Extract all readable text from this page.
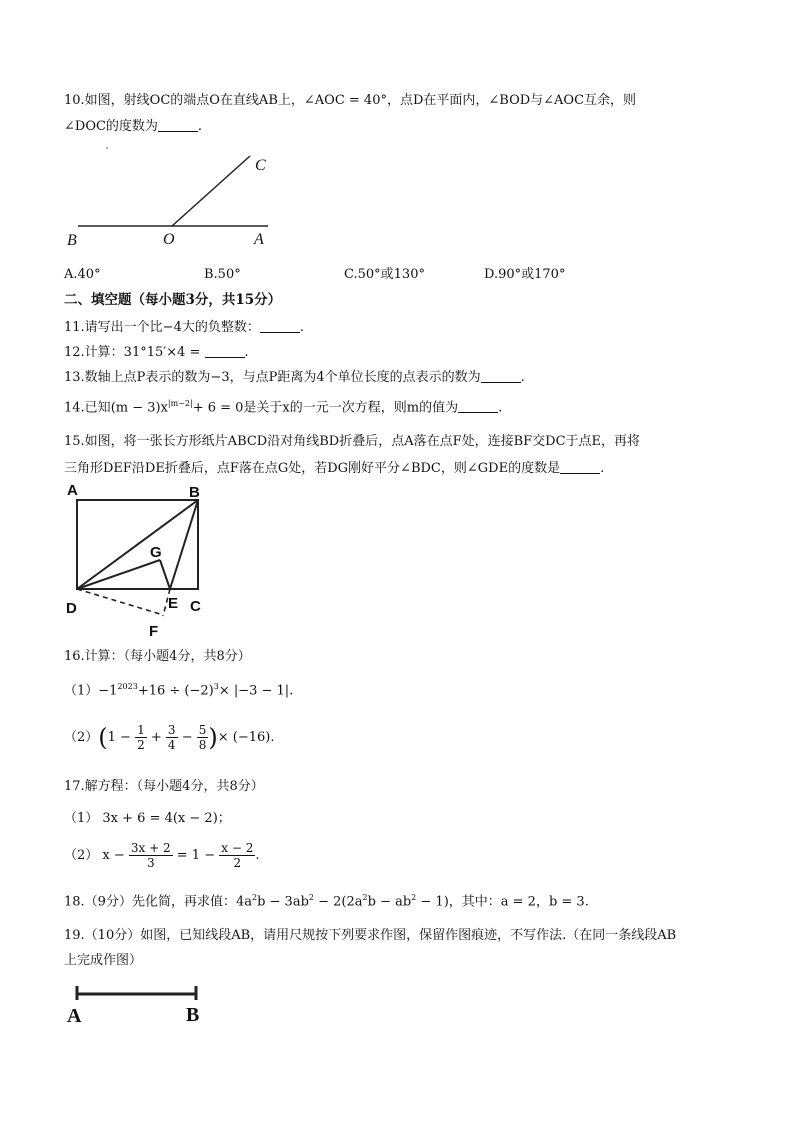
10.如图，射线OC的端点O在直线AB上，∠AOC = 40°，点D在平面内，∠BOD与∠AOC互余，则
∠DOC的度数为	.
C
B	O	A
A.40°	B.50°	C.50°或130°	D.90°或170°
二、填空题（每小题3分，共15分）
11.请写出一个比−4大的负整数：	.
12.计算：31°15′×4 =	.
13.数轴上点P表示的数为−3，与点P距离为4个单位长度的点表示的数为	.
14.已知$(m - 3)x^{|m-2|}+ 6 = 0$是关于x的一元一次方程，则m的值为	.
15.如图，将一张长方形纸片ABCD沿对角线BD折叠后，点A落在点F处，连接BF交DC于点E，再将
三角形DEF沿DE折叠后，点F落在点G处，若DG刚好平分∠BDC，则∠GDE的度数是	.
A	B
G
D	E C
F
16.计算：（每小题4分，共8分）
$(1)-1^{2023}+16 \div (-2)^3\times |-3 - 1|$.
$(2)(1 - \frac{1}{2} + \frac{3}{4} - \frac{5}{8}$ )× (−16).
17.解方程：（每小题4分，共8分）
（1） 3x + 6 = 4(x − 2)；
（2） $x - \frac{3x + 2}{3} = 1 - \frac{x - 2}{2}$ .
18.（9分）先化简，再求值：$4a^2b - 3ab^2 - 2(2a^2b - ab^2 - 1)$，其中：a = 2，b = 3.
19.（10分）如图，已知线段AB，请用尺规按下列要求作图，保留作图痕迹，不写作法.（在同一条线段AB
上完成作图）
A	B
